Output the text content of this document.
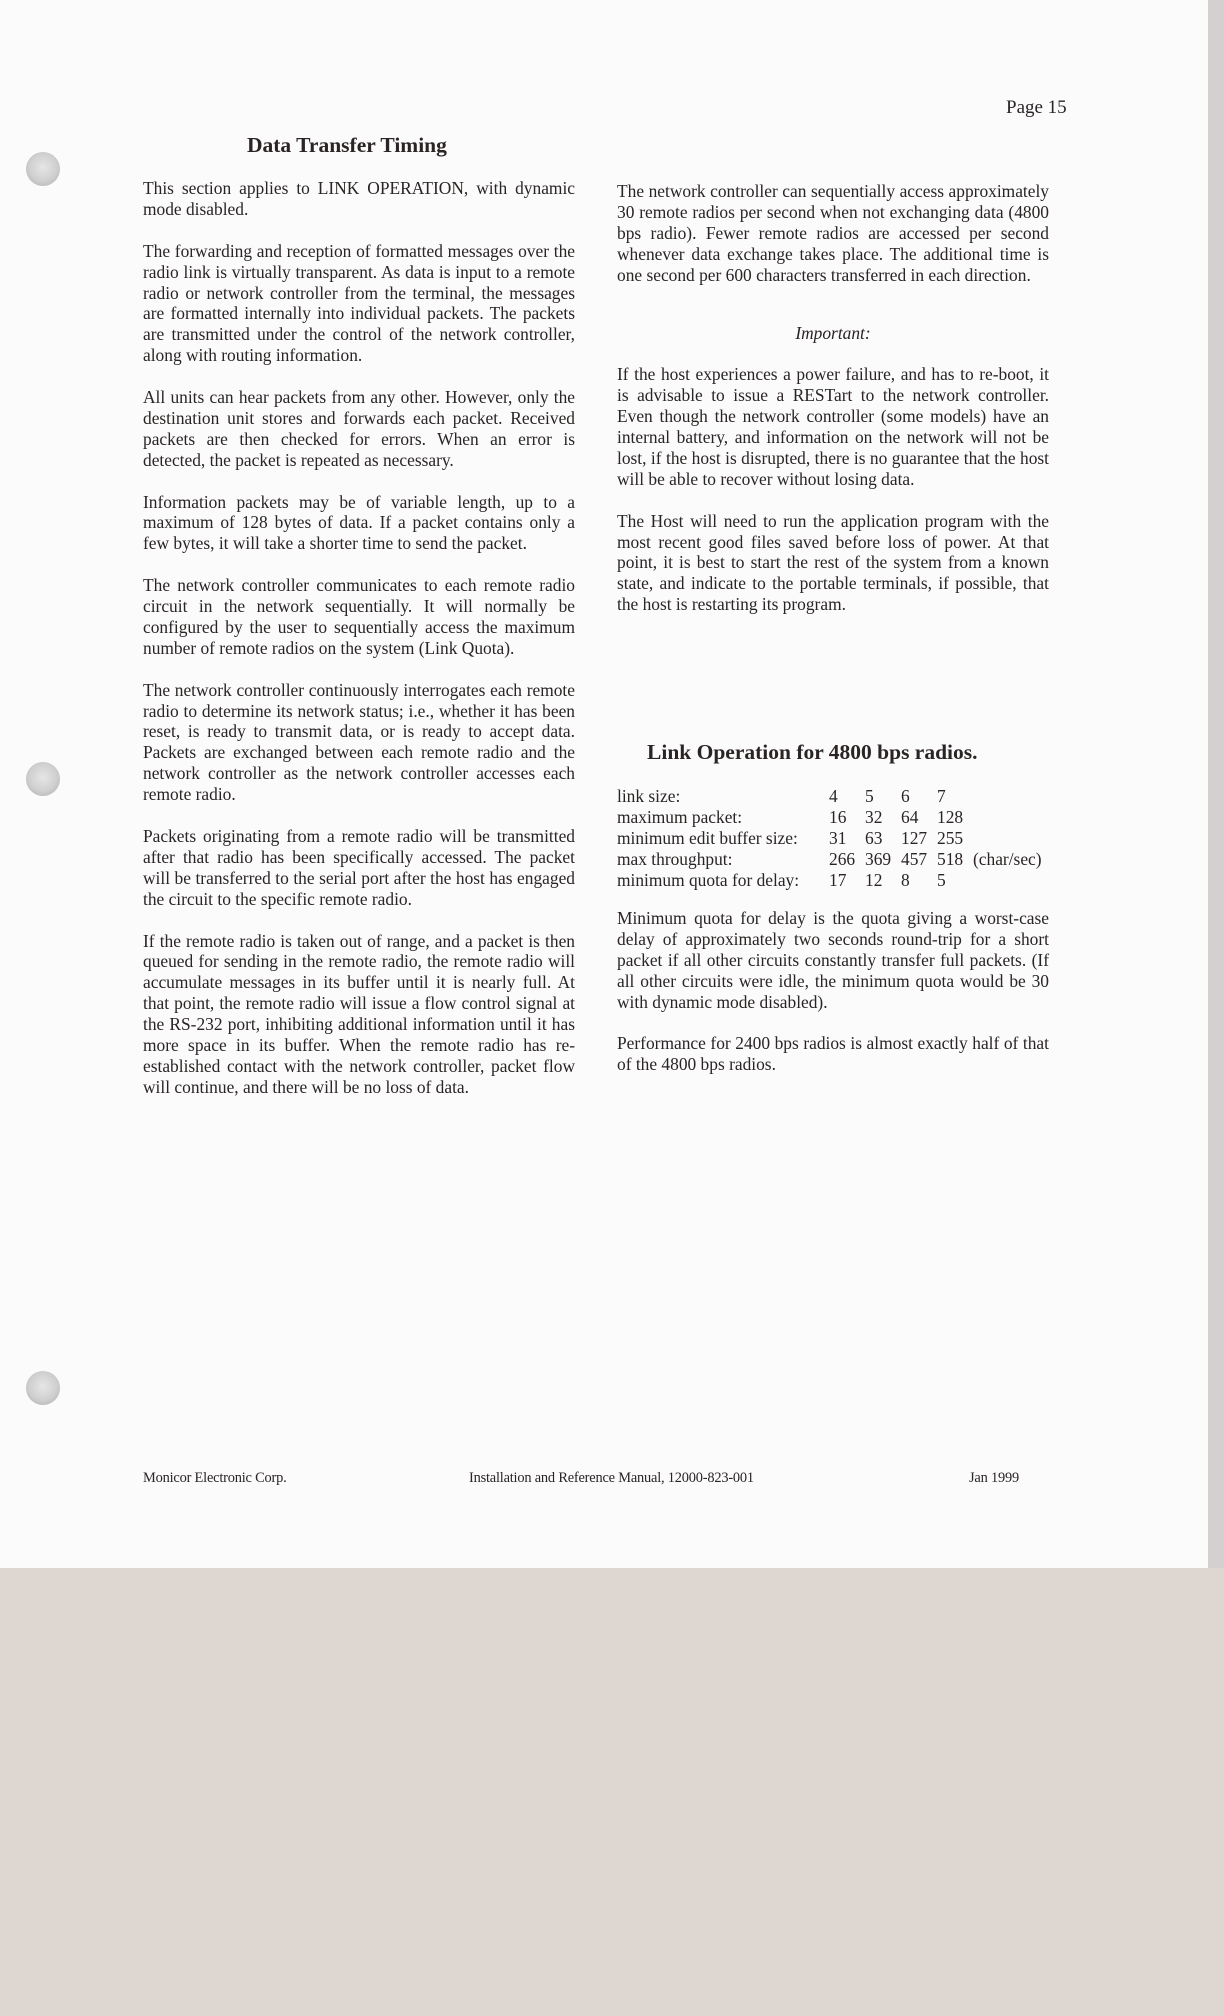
Page 15
Data Transfer Timing

This section applies to LINK OPERATION, with dynamic mode disabled.

The forwarding and reception of formatted messages over the radio link is virtually transparent. As data is input to a remote radio or network controller from the terminal, the messages are formatted internally into individual packets. The packets are transmitted under the control of the network controller, along with routing information.

All units can hear packets from any other. However, only the destination unit stores and forwards each packet. Received packets are then checked for errors. When an error is detected, the packet is repeated as necessary.

Information packets may be of variable length, up to a maximum of 128 bytes of data. If a packet contains only a few bytes, it will take a shorter time to send the packet.

The network controller communicates to each remote radio circuit in the network sequentially. It will normally be configured by the user to sequentially access the maximum number of remote radios on the system (Link Quota).

The network controller continuously interrogates each remote radio to determine its network status; i.e., whether it has been reset, is ready to transmit data, or is ready to accept data. Packets are exchanged between each remote radio and the network controller as the network controller accesses each remote radio.

Packets originating from a remote radio will be transmitted after that radio has been specifically accessed. The packet will be transferred to the serial port after the host has engaged the circuit to the specific remote radio.

If the remote radio is taken out of range, and a packet is then queued for sending in the remote radio, the remote radio will accumulate messages in its buffer until it is nearly full. At that point, the remote radio will issue a flow control signal at the RS-232 port, inhibiting additional information until it has more space in its buffer. When the remote radio has re-established contact with the network controller, packet flow will continue, and there will be no loss of data.

The network controller can sequentially access approximately 30 remote radios per second when not exchanging data (4800 bps radio). Fewer remote radios are accessed per second whenever data exchange takes place. The additional time is one second per 600 characters transferred in each direction.

Important:

If the host experiences a power failure, and has to re-boot, it is advisable to issue a RESTart to the network controller. Even though the network controller (some models) have an internal battery, and information on the network will not be lost, if the host is disrupted, there is no guarantee that the host will be able to recover without losing data.

The Host will need to run the application program with the most recent good files saved before loss of power. At that point, it is best to start the rest of the system from a known state, and indicate to the portable terminals, if possible, that the host is restarting its program.

Link Operation for 4800 bps radios.
link size:	4	5	6	7	
maximum packet:	16	32	64	128	
minimum edit buffer size:	31	63	127	255	
max throughput:	266	369	457	518	(char/sec)
minimum quota for delay:	17	12	8	5	

Minimum quota for delay is the quota giving a worst-case delay of approximately two seconds round-trip for a short packet if all other circuits constantly transfer full packets. (If all other circuits were idle, the minimum quota would be 30 with dynamic mode disabled).

Performance for 2400 bps radios is almost exactly half of that of the 4800 bps radios.

Monicor Electronic Corp.	Installation and Reference Manual, 12000-823-001	Jan 1999
